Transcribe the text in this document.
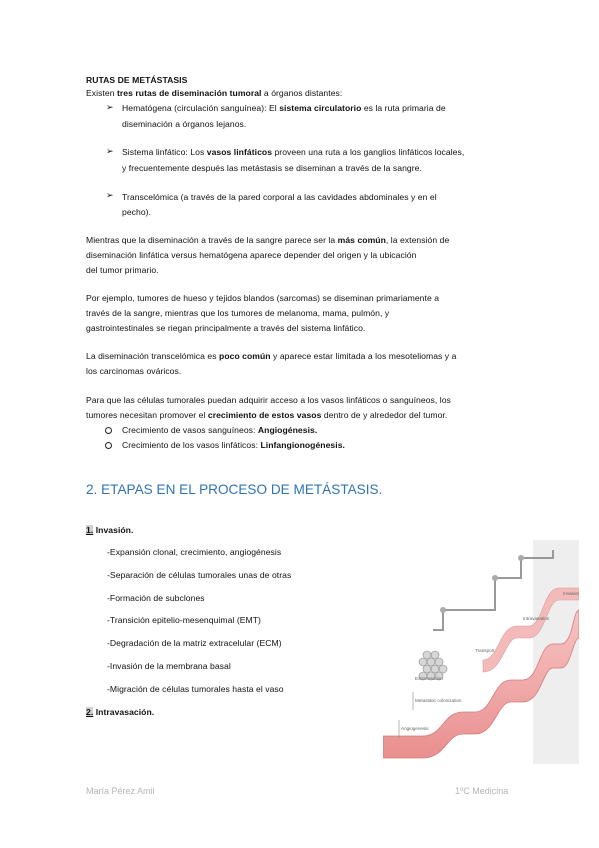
RUTAS DE METÁSTASIS
Existen tres rutas de diseminación tumoral a órganos distantes:
➢ Hematógena (circulación sanguínea): El sistema circulatorio es la ruta primaria de
diseminación a órganos lejanos.
➢ Sistema linfático: Los vasos linfáticos proveen una ruta a los ganglios linfáticos locales,
y frecuentemente después las metástasis se diseminan a través de la sangre.
➢ Transcelómica (a través de la pared corporal a las cavidades abdominales y en el
pecho).
Mientras que la diseminación a través de la sangre parece ser la más común, la extensión de
diseminación linfática versus hematógena aparece depender del origen y la ubicación
del tumor primario.
Por ejemplo, tumores de hueso y tejidos blandos (sarcomas) se diseminan primariamente a
través de la sangre, mientras que los tumores de melanoma, mama, pulmón, y
gastrointestinales se riegan principalmente a través del sistema linfático.
La diseminación transcelómica es poco común y aparece estar limitada a los mesoteliomas y a
los carcinomas ováricos.
Para que las células tumorales puedan adquirir acceso a los vasos linfáticos o sanguíneos, los
tumores necesitan promover el crecimiento de estos vasos dentro de y alrededor del tumor.
Crecimiento de vasos sanguíneos: Angiogénesis.
Crecimiento de los vasos linfáticos: Linfangionogénesis.
2. ETAPAS EN EL PROCESO DE METÁSTASIS.
1. Invasión.
-Expansión clonal, crecimiento, angiogénesis
-Separación de células tumorales unas de otras
-Formación de subclones
-Transición epitelio-mesenquimal (EMT)
-Degradación de la matriz extracelular (ECM)
-Invasión de la membrana basal
-Migración de células tumorales hasta el vaso
2. Intravasación.
Invasion
Intravasation
Transport
Extravasation
Metastatic colonization
Angiogenesis
María Pérez Amil	1ºC Medicina
